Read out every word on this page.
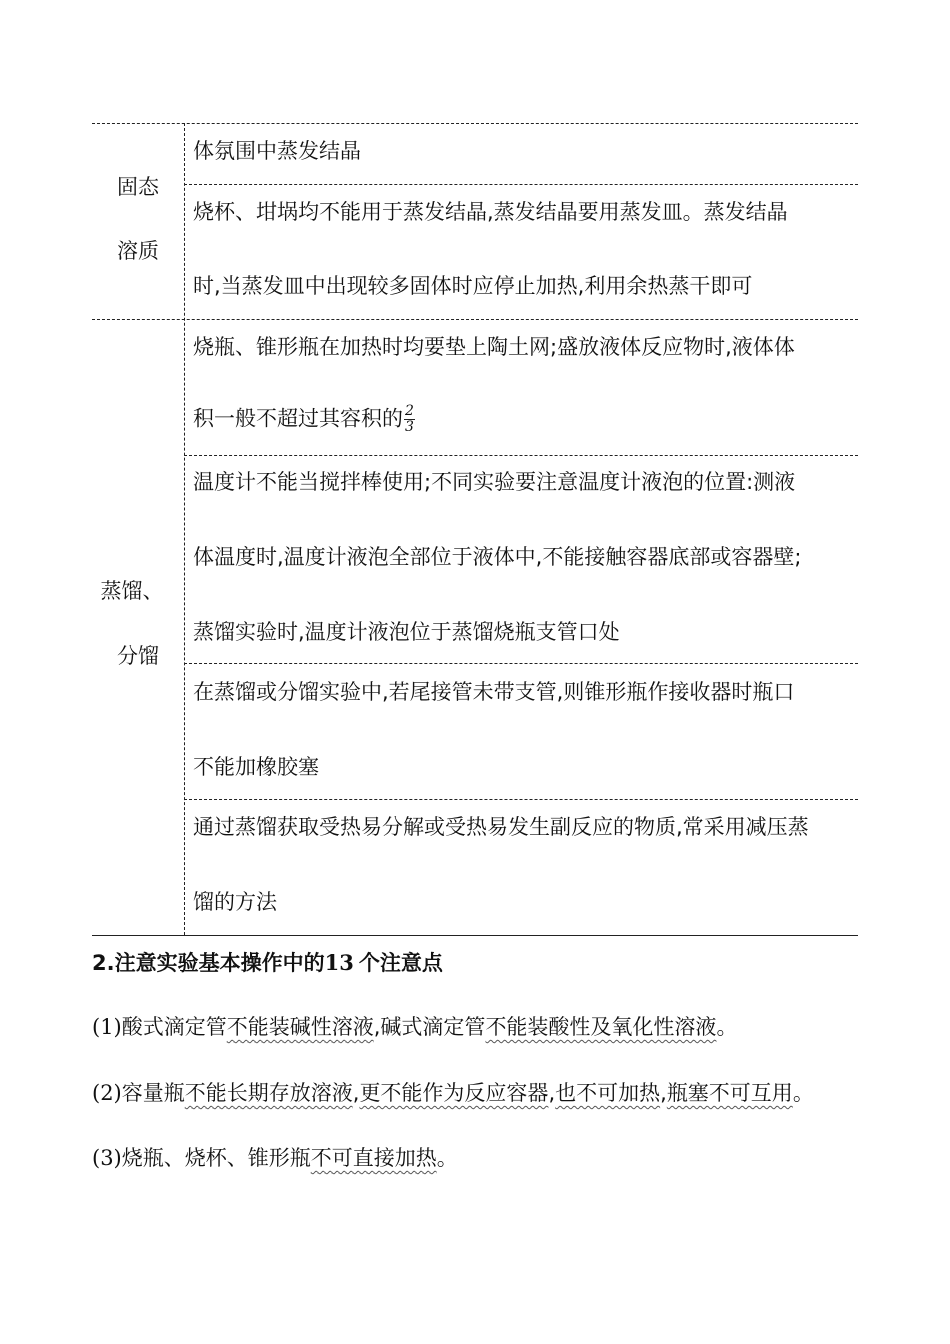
固态
溶质
体氛围中蒸发结晶
烧杯、坩埚均不能用于蒸发结晶,蒸发结晶要用蒸发皿。蒸发结晶
时,当蒸发皿中出现较多固体时应停止加热,利用余热蒸干即可
蒸馏、
分馏
烧瓶、锥形瓶在加热时均要垫上陶土网;盛放液体反应物时,液体体
积一般不超过其容积的 $\frac{2}{3}$
温度计不能当搅拌棒使用;不同实验要注意温度计液泡的位置:测液
体温度时,温度计液泡全部位于液体中,不能接触容器底部或容器壁;
蒸馏实验时,温度计液泡位于蒸馏烧瓶支管口处
在蒸馏或分馏实验中,若尾接管未带支管,则锥形瓶作接收器时瓶口
不能加橡胶塞
通过蒸馏获取受热易分解或受热易发生副反应的物质,常采用减压蒸
馏的方法
2.注意实验基本操作中的13 个注意点
(1)酸式滴定管不能装碱性溶液,碱式滴定管不能装酸性及氧化性溶液。
(2)容量瓶不能长期存放溶液,更不能作为反应容器,也不可加热,瓶塞不可互用。
(3)烧瓶、烧杯、锥形瓶不可直接加热。
